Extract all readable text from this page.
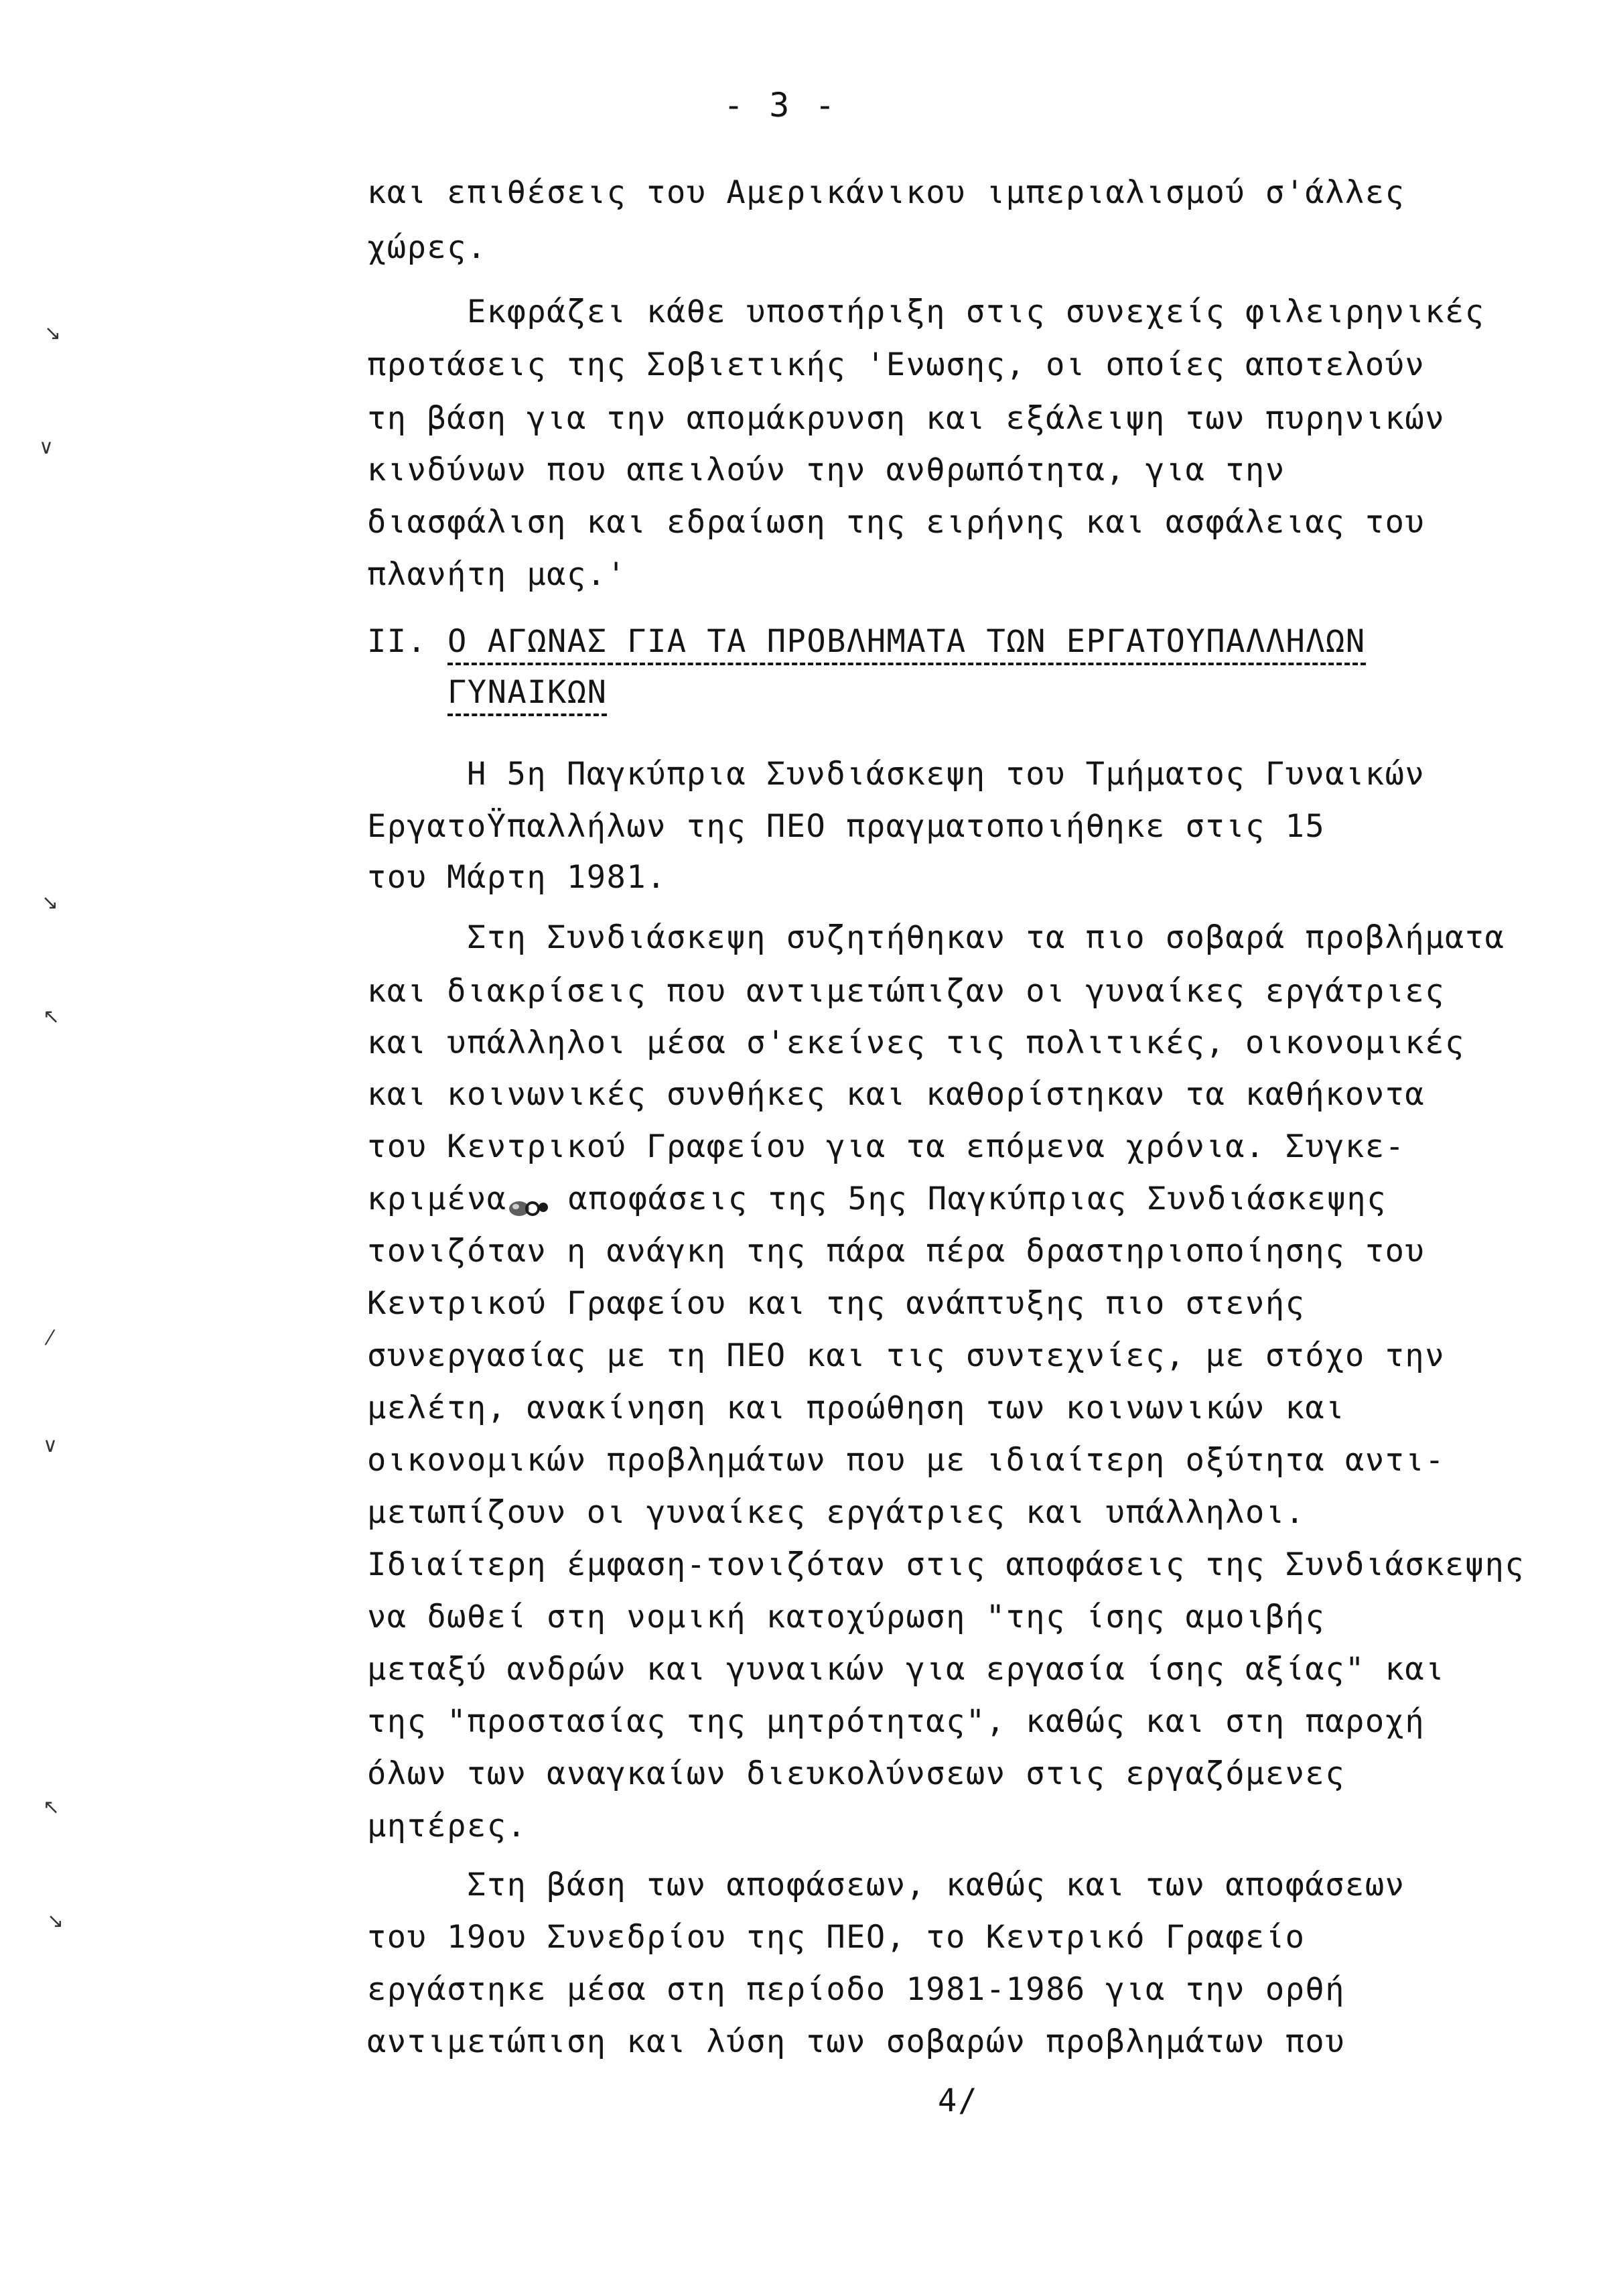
- 3 -
και επιθέσεις του Αμερικάνικου ιμπεριαλισμού σ'άλλες
χώρες.
Εκφράζει κάθε υποστήριξη στις συνεχείς φιλειρηνικές
προτάσεις της Σοβιετικής 'Ενωσης, οι οποίες αποτελούν
τη βάση για την απομάκρυνση και εξάλειψη των πυρηνικών
κινδύνων που απειλούν την ανθρωπότητα, για την
διασφάλιση και εδραίωση της ειρήνης και ασφάλειας του
πλανήτη μας.'
II. Ο ΑΓΩΝΑΣ ΓΙΑ ΤΑ ΠΡΟΒΛΗΜΑΤΑ ΤΩΝ ΕΡΓΑΤΟΥΠΑΛΛΗΛΩΝ
ΓΥΝΑΙΚΩΝ
Η 5η Παγκύπρια Συνδιάσκεψη του Τμήματος Γυναικών
ΕργατοΫπαλλήλων της ΠΕΟ πραγματοποιήθηκε στις 15
του Μάρτη 1981.
Στη Συνδιάσκεψη συζητήθηκαν τα πιο σοβαρά προβλήματα
και διακρίσεις που αντιμετώπιζαν οι γυναίκες εργάτριες
και υπάλληλοι μέσα σ'εκείνες τις πολιτικές, οικονομικές
και κοινωνικές συνθήκες και καθορίστηκαν τα καθήκοντα
του Κεντρικού Γραφείου για τα επόμενα χρόνια. Συγκε-
κριμένα αποφάσεις της 5ης Παγκύπριας Συνδιάσκεψης
τονιζόταν η ανάγκη της πάρα πέρα δραστηριοποίησης του
Κεντρικού Γραφείου και της ανάπτυξης πιο στενής
συνεργασίας με τη ΠΕΟ και τις συντεχνίες, με στόχο την
μελέτη, ανακίνηση και προώθηση των κοινωνικών και
οικονομικών προβλημάτων που με ιδιαίτερη οξύτητα αντι-
μετωπίζουν οι γυναίκες εργάτριες και υπάλληλοι.
Ιδιαίτερη έμφαση-τονιζόταν στις αποφάσεις της Συνδιάσκεψης
να δωθεί στη νομική κατοχύρωση "της ίσης αμοιβής
μεταξύ ανδρών και γυναικών για εργασία ίσης αξίας" και
της "προστασίας της μητρότητας", καθώς και στη παροχή
όλων των αναγκαίων διευκολύνσεων στις εργαζόμενες
μητέρες.
Στη βάση των αποφάσεων, καθώς και των αποφάσεων
του 19ου Συνεδρίου της ΠΕΟ, το Κεντρικό Γραφείο
εργάστηκε μέσα στη περίοδο 1981-1986 για την ορθή
αντιμετώπιση και λύση των σοβαρών προβλημάτων που
4/
↘
∨
↘
↖
⁄
∨
↖
↘
